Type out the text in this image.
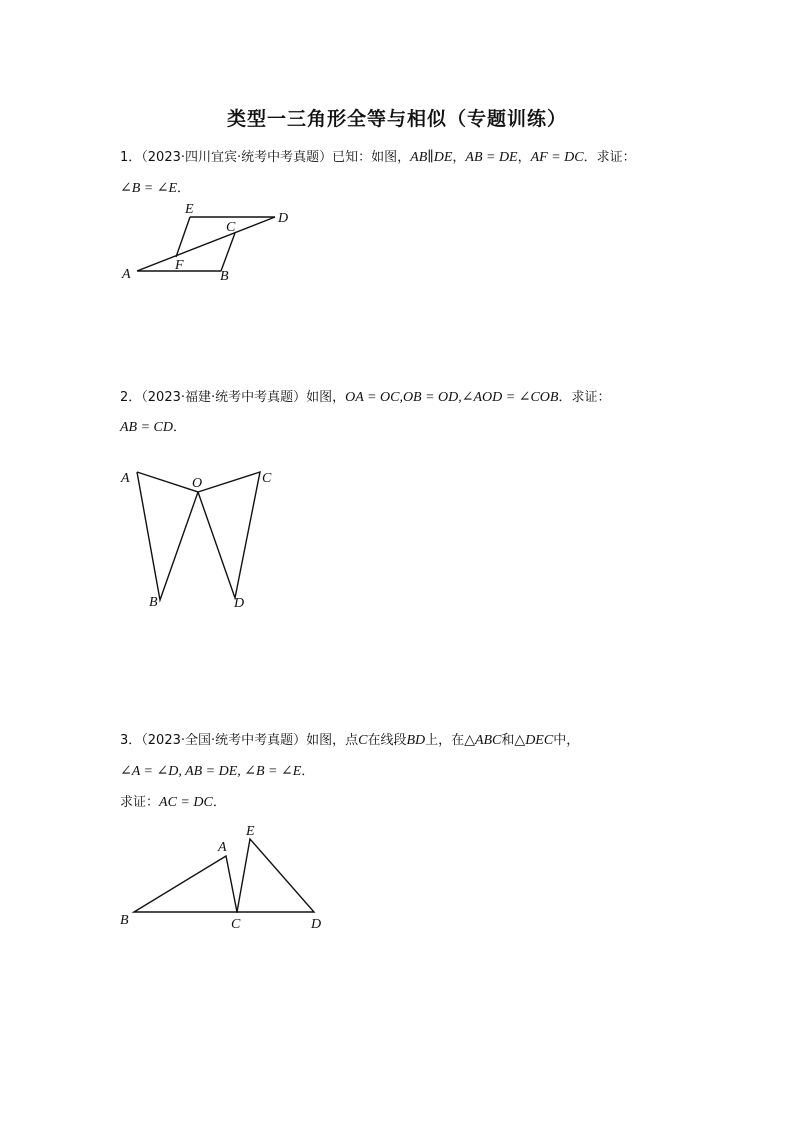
类型一三角形全等与相似（专题训练）
1．（2023·四川宜宾·统考中考真题）已知：如图，AB∥DE，AB = DE，AF = DC．求证：
∠B = ∠E．
A	B
C
D
E
F
2．（2023·福建·统考中考真题）如图，OA = OC,OB = OD,∠AOD = ∠COB．求证：
AB = CD．
A
B
C
D
O
3．（2023·全国·统考中考真题）如图，点C在线段BD上，在△ABC和△DEC中，
∠A = ∠D, AB = DE, ∠B = ∠E．
求证：AC = DC．
B
A
C
E
D
